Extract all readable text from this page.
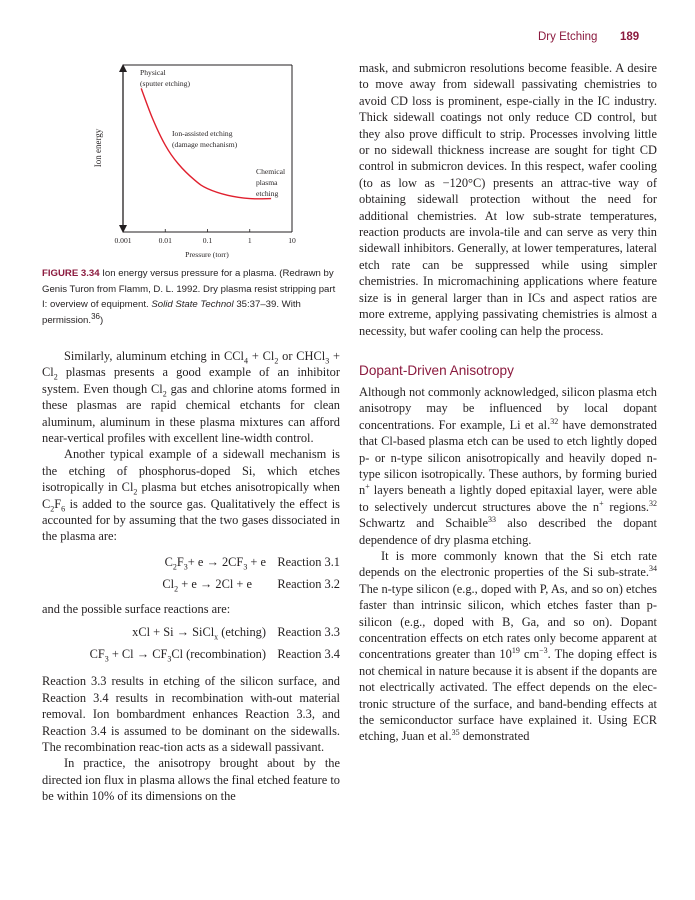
Dry Etching 189
0.001	0.01	0.1	1	10
Ion energy
Pressure (torr)
Physical
(sputter etching)
Ion-assisted etching
(damage mechanism)
Chemical
plasma
etching
FIGURE 3.34 Ion energy versus pressure for a plasma. (Redrawn by Genis Turon from Flamm, D. L. 1992. Dry plasma resist stripping part I: overview of equipment. Solid State Technol 35:37–39. With permission.$^{36}$)

Similarly, aluminum etching in $CCl_4 + Cl_2$ or CHCl$_3$ + $Cl_2$ plasmas presents a good example of an inhibitor system. Even though $Cl_2$ gas and chlorine atoms formed in these plasmas are rapid chemical etchants for clean aluminum, aluminum in these plasma mixtures can afford near-vertical profiles with excellent line-width control.

Another typical example of a sidewall mechanism is the etching of phosphorus-doped Si, which etches isotropically in $Cl_2$ plasma but etches anisotropically when $C_2F_6$ is added to the source gas. Qualitatively the effect is accounted for by assuming that the two gases dissociated in the plasma are:

$C_2F_3+ e \to 2CF_3 + e$ Reaction 3.1
$Cl_2 + e \to 2Cl + e$ Reaction 3.2

and the possible surface reactions are:

xCl + Si → SiCl$_x$ (etching) Reaction 3.3
$CF_3 + Cl \to CF_3Cl$ (recombination) Reaction 3.4

Reaction 3.3 results in etching of the silicon surface, and Reaction 3.4 results in recombination with-out material removal. Ion bombardment enhances Reaction 3.3, and Reaction 3.4 is assumed to be dominant on the sidewalls. The recombination reac-tion acts as a sidewall passivant.

In practice, the anisotropy brought about by the directed ion flux in plasma allows the final etched feature to be within 10% of its dimensions on the

mask, and submicron resolutions become feasible. A desire to move away from sidewall passivating chemistries to avoid CD loss is prominent, espe-cially in the IC industry. Thick sidewall coatings not only reduce CD control, but they also prove difficult to strip. Processes involving little or no sidewall thickness increase are sought for tight CD control in submicron devices. In this respect, wafer cooling (to as low as −120°C) presents an attrac-tive way of obtaining sidewall protection without the need for additional chemistries. At low sub-strate temperatures, reaction products are invola-tile and can serve as very thin sidewall inhibitors. Generally, at lower temperatures, lateral etch rate can be suppressed while using simpler chemistries. In micromachining applications where feature size is in general larger than in ICs and aspect ratios are more extreme, applying passivating chemistries is almost a necessity, but wafer cooling can help the process.

Dopant-Driven Anisotropy

Although not commonly acknowledged, silicon plasma etch anisotropy may be influenced by local dopant concentrations. For example, Li et al.$^{32}$ have demonstrated that Cl-based plasma etch can be used to etch lightly doped p- or n-type silicon anisotropically and heavily doped n-type silicon isotropically. These authors, by forming buried n+ layers beneath a lightly doped epitaxial layer, were able to selectively undercut structures above the n+ regions.$^{32}$ Schwartz and Schaible$^{33}$ also described the dopant dependence of dry plasma etching.

It is more commonly known that the Si etch rate depends on the electronic properties of the Si sub-strate.$^{34}$ The n-type silicon (e.g., doped with P, As, and so on) etches faster than intrinsic silicon, which etches faster than p-silicon (e.g., doped with B, Ga, and so on). Dopant concentration effects on etch rates only become apparent at concentrations greater than $10^{19}$ $cm^{-3}$. The doping effect is not chemical in nature because it is absent if the dopants are not electrically activated. The effect depends on the elec-tronic structure of the surface, and band-bending effects at the semiconductor surface have explained it. Using ECR etching, Juan et al.$^{35}$ demonstrated
